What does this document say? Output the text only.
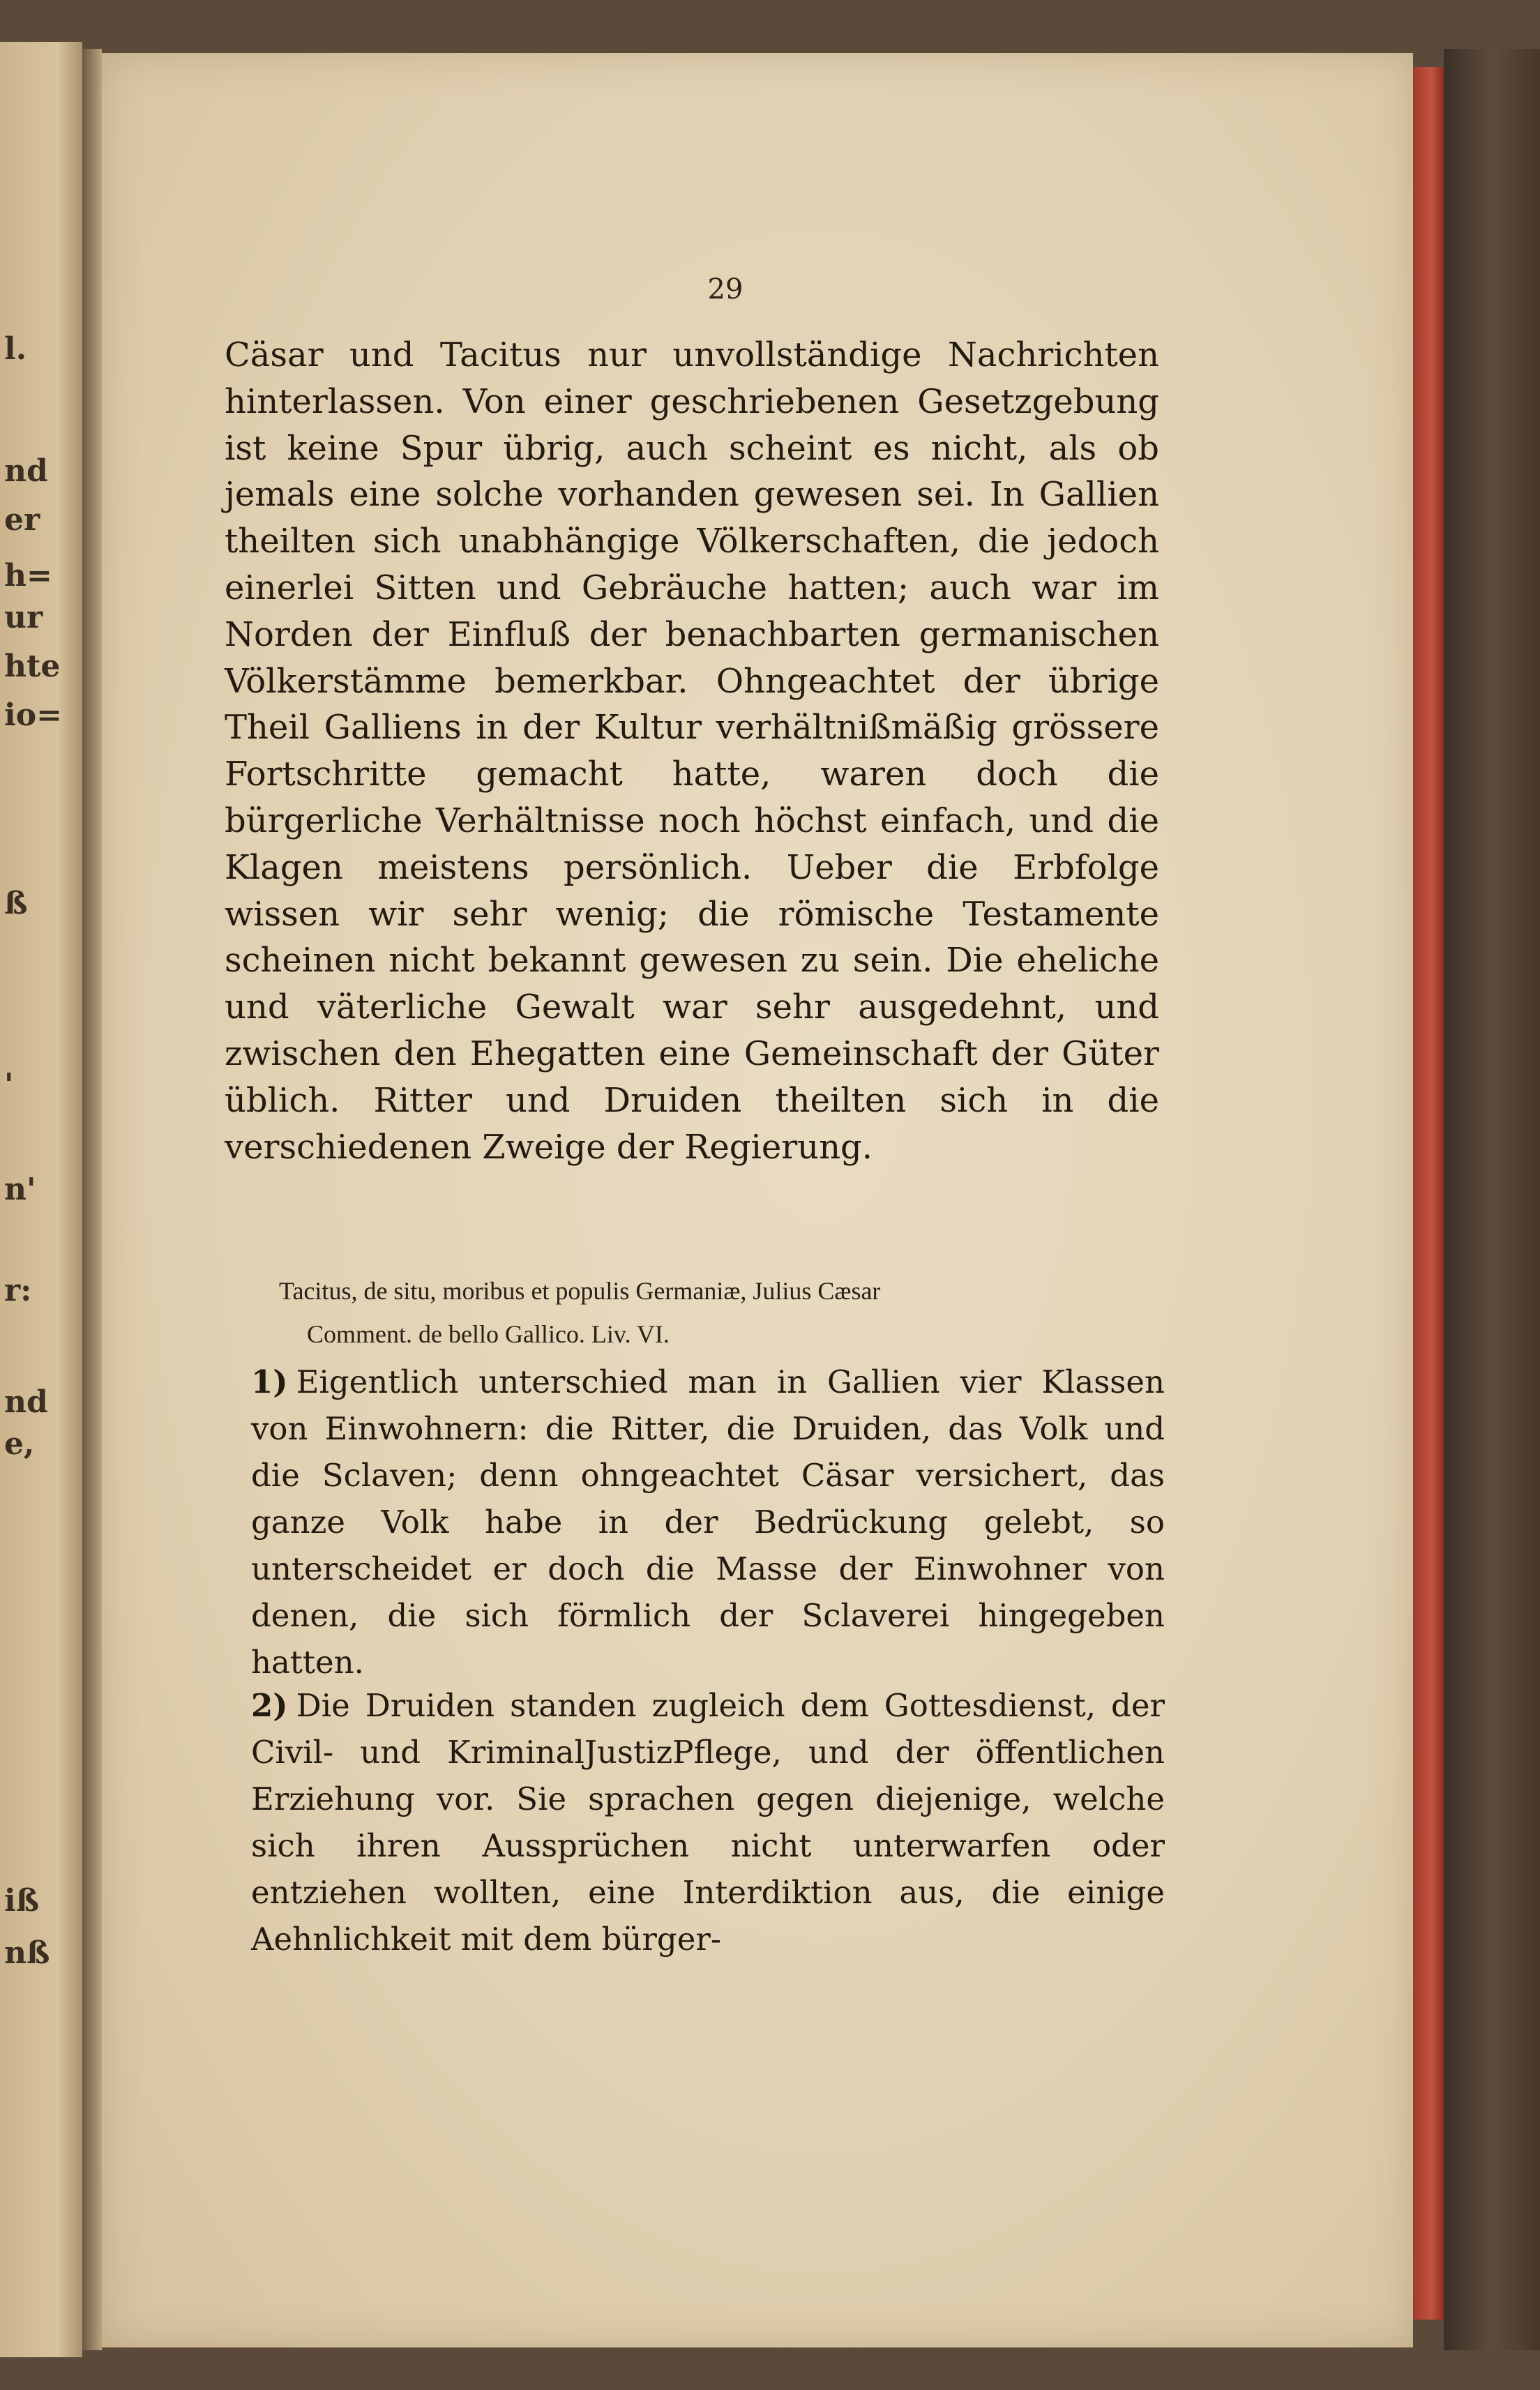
l.
nd
er
h=
ur
hte
io=
ß
'
n'
r:
nd
e,
iß
nß
29

Cäsar und Tacitus nur unvollständige Nachrichten hinterlassen. Von einer geschriebenen Gesetzgebung ist keine Spur übrig, auch scheint es nicht, als ob jemals eine solche vorhanden gewesen sei. In Gallien theilten sich unabhängige Völkerschaften, die jedoch einerlei Sitten und Gebräuche hatten; auch war im Norden der Einfluß der benachbarten germanischen Völkerstämme bemerkbar. Ohngeachtet der übrige Theil Galliens in der Kultur verhältnißmäßig grössere Fortschritte gemacht hatte, waren doch die bürgerliche Verhältnisse noch höchst einfach, und die Klagen meistens persönlich. Ueber die Erbfolge wissen wir sehr wenig; die römische Testamente scheinen nicht bekannt gewesen zu sein. Die eheliche und väterliche Gewalt war sehr ausgedehnt, und zwischen den Ehegatten eine Gemeinschaft der Güter üblich. Ritter und Druiden theilten sich in die verschiedenen Zweige der Regierung.

Tacitus, de situ, moribus et populis Germaniæ, Julius Cæsar
Comment. de bello Gallico. Liv. VI.
1) Eigentlich unterschied man in Gallien vier Klassen von Einwohnern: die Ritter, die Druiden, das Volk und die Sclaven; denn ohngeachtet Cäsar versichert, das ganze Volk habe in der Bedrückung gelebt, so unterscheidet er doch die Masse der Einwohner von denen, die sich förmlich der Sclaverei hingegeben hatten.
2) Die Druiden standen zugleich dem Gottesdienst, der Civil- und KriminalJustizPflege, und der öffentlichen Erziehung vor. Sie sprachen gegen diejenige, welche sich ihren Aussprüchen nicht unterwarfen oder entziehen wollten, eine Interdiktion aus, die einige Aehnlichkeit mit dem bürger-
